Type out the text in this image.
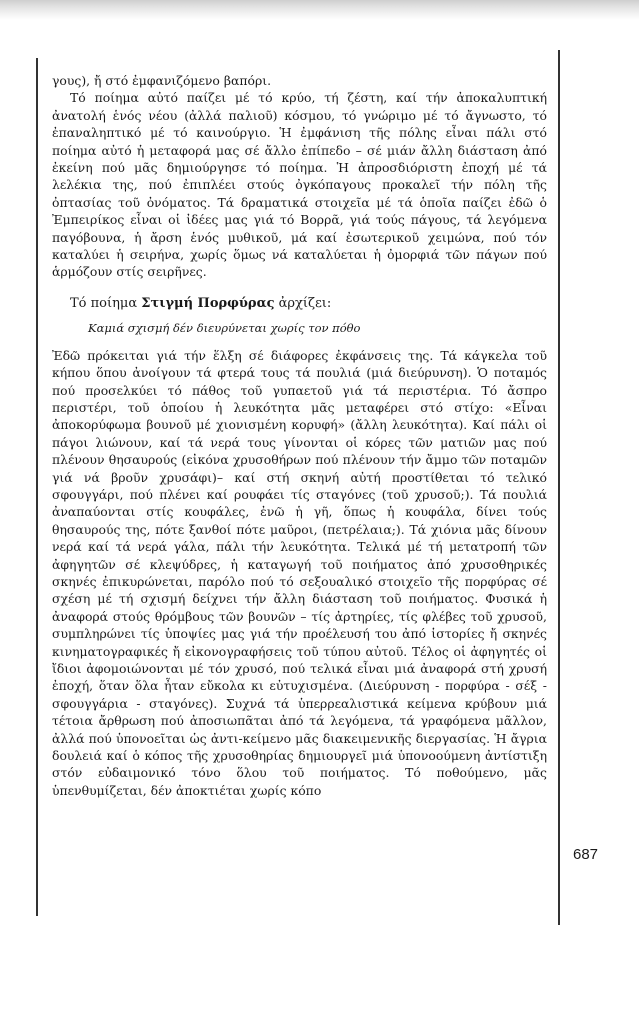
γους), ἤ στό ἐμφανιζόμενο βαπόρι.

Τό ποίημα αὐτό παίζει μέ τό κρύο, τή ζέστη, καί τήν ἀποκαλυπτική ἀνατολή ἑνός νέου (ἀλλά παλιοῦ) κόσμου, τό γνώριμο μέ τό ἄγνωστο, τό ἐπαναληπτικό μέ τό καινούργιο. Ἡ ἐμφάνιση τῆς πόλης εἶναι πάλι στό ποίημα αὐτό ἡ μεταφορά μας σέ ἄλλο ἐπίπεδο – σέ μιάν ἄλλη διάσταση ἀπό ἐκείνη πού μᾶς δημιούργησε τό ποίημα. Ἡ ἀπροσδιόριστη ἐποχή μέ τά λελέκια της, πού ἐπιπλέει στούς ὀγκόπαγους προκαλεῖ τήν πόλη τῆς ὀπτασίας τοῦ ὀνόματος. Τά δραματικά στοιχεῖα μέ τά ὁποῖα παίζει ἐδῶ ὁ Ἐμπειρίκος εἶναι οἱ ἰδέες μας γιά τό Βορρᾶ, γιά τούς πάγους, τά λεγόμενα παγόβουνα, ἡ ἄρση ἑνός μυθικοῦ, μά καί ἐσωτερικοῦ χειμώνα, πού τόν καταλύει ἡ σειρήνα, χωρίς ὅμως νά καταλύεται ἡ ὀμορφιά τῶν πάγων πού ἁρμόζουν στίς σειρῆνες.

Τό ποίημα Στιγμή Πορφύρας ἀρχίζει:

Καμιά σχισμή δέν διευρύνεται χωρίς τον πόθο

Ἐδῶ πρόκειται γιά τήν ἕλξη σέ διάφορες ἐκφάνσεις της. Τά κάγκελα τοῦ κήπου ὅπου ἀνοίγουν τά φτερά τους τά πουλιά (μιά διεύρυνση). Ὁ ποταμός πού προσελκύει τό πάθος τοῦ γυπαετοῦ γιά τά περιστέρια. Τό ἄσπρο περιστέρι, τοῦ ὁποίου ἡ λευκότητα μᾶς μεταφέρει στό στίχο: «Εἶναι ἀποκορύφωμα βουνοῦ μέ χιονισμένη κορυφή» (ἄλλη λευκότητα). Καί πάλι οἱ πάγοι λιώνουν, καί τά νερά τους γίνονται οἱ κόρες τῶν ματιῶν μας πού πλένουν θησαυρούς (εἰκόνα χρυσοθήρων πού πλένουν τήν ἄμμο τῶν ποταμῶν γιά νά βροῦν χρυσάφι)– καί στή σκηνή αὐτή προστίθεται τό τελικό σφουγγάρι, πού πλένει καί ρουφάει τίς σταγόνες (τοῦ χρυσοῦ;). Τά πουλιά ἀναπαύονται στίς κουφάλες, ἐνῶ ἡ γῆ, ὅπως ἡ κουφάλα, δίνει τούς θησαυρούς της, πότε ξανθοί πότε μαῦροι, (πετρέλαια;). Τά χιόνια μᾶς δίνουν νερά καί τά νερά γάλα, πάλι τήν λευκότητα. Τελικά μέ τή μετατροπή τῶν ἀφηγητῶν σέ κλεψύδρες, ἡ καταγωγή τοῦ ποιήματος ἀπό χρυσοθηρικές σκηνές ἐπικυρώνεται, παρόλο πού τό σεξουαλικό στοιχεῖο τῆς πορφύρας σέ σχέση μέ τή σχισμή δείχνει τήν ἄλλη διάσταση τοῦ ποιήματος. Φυσικά ἡ ἀναφορά στούς θρόμβους τῶν βουνῶν – τίς ἀρτηρίες, τίς φλέβες τοῦ χρυσοῦ, συμπληρώνει τίς ὑποψίες μας γιά τήν προέλευσή του ἀπό ἱστορίες ἤ σκηνές κινηματογραφικές ἤ εἰκονογραφήσεις τοῦ τύπου αὐτοῦ. Τέλος οἱ ἀφηγητές οἱ ἴδιοι ἀφομοιώνονται μέ τόν χρυσό, πού τελικά εἶναι μιά ἀναφορά στή χρυσή ἐποχή, ὅταν ὅλα ἦταν εὔκολα κι εὐτυχισμένα. (Διεύρυνση - πορφύρα - σέξ - σφουγγάρια - σταγόνες). Συχνά τά ὑπερρεαλιστικά κείμενα κρύβουν μιά τέτοια ἄρθρωση πού ἀποσιωπᾶται ἀπό τά λεγόμενα, τά γραφόμενα μᾶλλον, ἀλλά πού ὑπονοεῖται ὡς ἀντι-κείμενο μᾶς διακειμενικῆς διεργασίας. Ἡ ἄγρια δουλειά καί ὁ κόπος τῆς χρυσοθηρίας δημιουργεῖ μιά ὑπονοούμενη ἀντίστιξη στόν εὐδαιμονικό τόνο ὅλου τοῦ ποιήματος. Τό ποθούμενο, μᾶς ὑπενθυμίζεται, δέν ἀποκτιέται χωρίς κόπο

687
